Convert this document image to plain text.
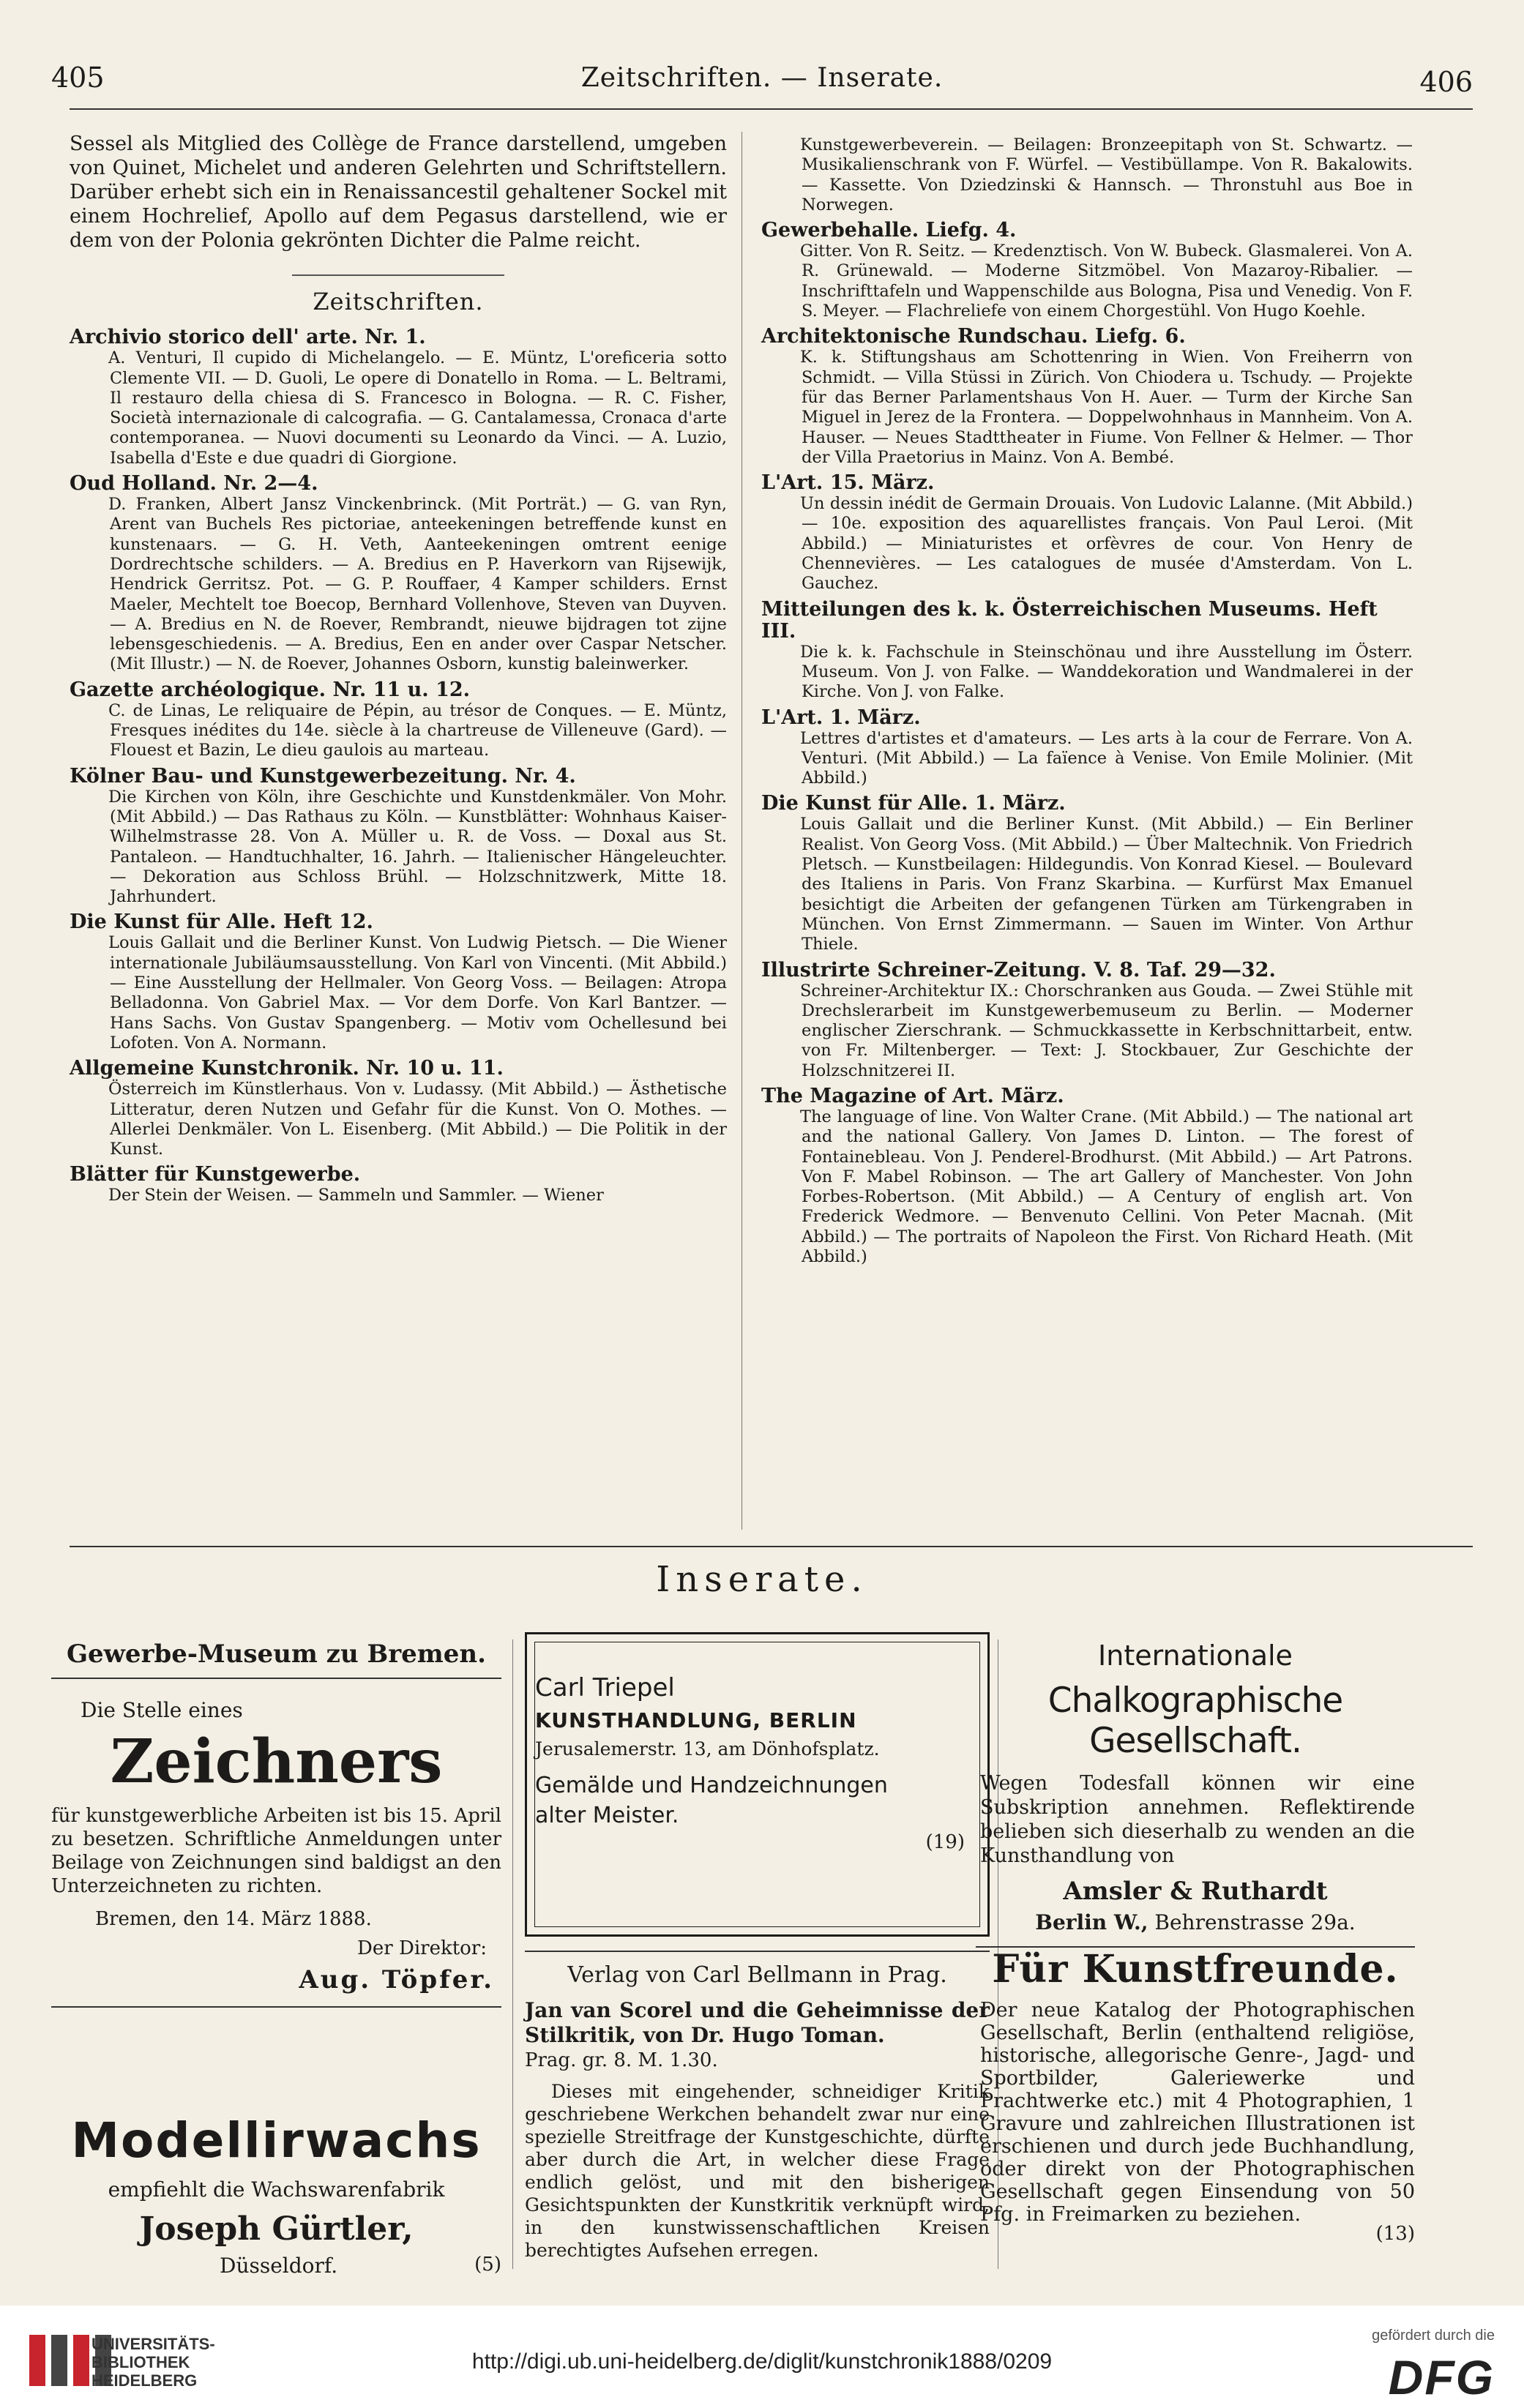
405	Zeitschriften. — Inserate.	406

Sessel als Mitglied des Collège de France darstellend, umgeben von Quinet, Michelet und anderen Gelehrten und Schriftstellern. Darüber erhebt sich ein in Renaissancestil gehaltener Sockel mit einem Hochrelief, Apollo auf dem Pegasus darstellend, wie er dem von der Polonia gekrönten Dichter die Palme reicht.

Zeitschriften.
Archivio storico dell' arte. Nr. 1.

A. Venturi, Il cupido di Michelangelo. — E. Müntz, L'oreficeria sotto Clemente VII. — D. Guoli, Le opere di Donatello in Roma. — L. Beltrami, Il restauro della chiesa di S. Francesco in Bologna. — R. C. Fisher, Società internazionale di calcografia. — G. Cantalamessa, Cronaca d'arte contemporanea. — Nuovi documenti su Leonardo da Vinci. — A. Luzio, Isabella d'Este e due quadri di Giorgione.

Oud Holland. Nr. 2—4.

D. Franken, Albert Jansz Vinckenbrinck. (Mit Porträt.) — G. van Ryn, Arent van Buchels Res pictoriae, anteekeningen betreffende kunst en kunstenaars. — G. H. Veth, Aanteekeningen omtrent eenige Dordrechtsche schilders. — A. Bredius en P. Haverkorn van Rijsewijk, Hendrick Gerritsz. Pot. — G. P. Rouffaer, 4 Kamper schilders. Ernst Maeler, Mechtelt toe Boecop, Bernhard Vollenhove, Steven van Duyven. — A. Bredius en N. de Roever, Rembrandt, nieuwe bijdragen tot zijne lebensgeschiedenis. — A. Bredius, Een en ander over Caspar Netscher. (Mit Illustr.) — N. de Roever, Johannes Osborn, kunstig baleinwerker.

Gazette archéologique. Nr. 11 u. 12.

C. de Linas, Le reliquaire de Pépin, au trésor de Conques. — E. Müntz, Fresques inédites du 14e. siècle à la chartreuse de Villeneuve (Gard). — Flouest et Bazin, Le dieu gaulois au marteau.

Kölner Bau- und Kunstgewerbezeitung. Nr. 4.

Die Kirchen von Köln, ihre Geschichte und Kunstdenkmäler. Von Mohr. (Mit Abbild.) — Das Rathaus zu Köln. — Kunstblätter: Wohnhaus Kaiser-Wilhelmstrasse 28. Von A. Müller u. R. de Voss. — Doxal aus St. Pantaleon. — Handtuchhalter, 16. Jahrh. — Italienischer Hängeleuchter. — Dekoration aus Schloss Brühl. — Holzschnitzwerk, Mitte 18. Jahrhundert.

Die Kunst für Alle. Heft 12.

Louis Gallait und die Berliner Kunst. Von Ludwig Pietsch. — Die Wiener internationale Jubiläumsausstellung. Von Karl von Vincenti. (Mit Abbild.) — Eine Ausstellung der Hellmaler. Von Georg Voss. — Beilagen: Atropa Belladonna. Von Gabriel Max. — Vor dem Dorfe. Von Karl Bantzer. — Hans Sachs. Von Gustav Spangenberg. — Motiv vom Ochellesund bei Lofoten. Von A. Normann.

Allgemeine Kunstchronik. Nr. 10 u. 11.

Österreich im Künstlerhaus. Von v. Ludassy. (Mit Abbild.) — Ästhetische Litteratur, deren Nutzen und Gefahr für die Kunst. Von O. Mothes. — Allerlei Denkmäler. Von L. Eisenberg. (Mit Abbild.) — Die Politik in der Kunst.

Blätter für Kunstgewerbe.

Der Stein der Weisen. — Sammeln und Sammler. — Wiener

Kunstgewerbeverein. — Beilagen: Bronzeepitaph von St. Schwartz. — Musikalienschrank von F. Würfel. — Vestibüllampe. Von R. Bakalowits. — Kassette. Von Dziedzinski & Hannsch. — Thronstuhl aus Boe in Norwegen.

Gewerbehalle. Liefg. 4.

Gitter. Von R. Seitz. — Kredenztisch. Von W. Bubeck. Glasmalerei. Von A. R. Grünewald. — Moderne Sitzmöbel. Von Mazaroy-Ribalier. — Inschrifttafeln und Wappenschilde aus Bologna, Pisa und Venedig. Von F. S. Meyer. — Flachreliefe von einem Chorgestühl. Von Hugo Koehle.

Architektonische Rundschau. Liefg. 6.

K. k. Stiftungshaus am Schottenring in Wien. Von Freiherrn von Schmidt. — Villa Stüssi in Zürich. Von Chiodera u. Tschudy. — Projekte für das Berner Parlamentshaus Von H. Auer. — Turm der Kirche San Miguel in Jerez de la Frontera. — Doppelwohnhaus in Mannheim. Von A. Hauser. — Neues Stadttheater in Fiume. Von Fellner & Helmer. — Thor der Villa Praetorius in Mainz. Von A. Bembé.

L'Art. 15. März.

Un dessin inédit de Germain Drouais. Von Ludovic Lalanne. (Mit Abbild.) — 10e. exposition des aquarellistes français. Von Paul Leroi. (Mit Abbild.) — Miniaturistes et orfèvres de cour. Von Henry de Chennevières. — Les catalogues de musée d'Amsterdam. Von L. Gauchez.

Mitteilungen des k. k. Österreichischen Museums. Heft III.

Die k. k. Fachschule in Steinschönau und ihre Ausstellung im Österr. Museum. Von J. von Falke. — Wanddekoration und Wandmalerei in der Kirche. Von J. von Falke.

L'Art. 1. März.

Lettres d'artistes et d'amateurs. — Les arts à la cour de Ferrare. Von A. Venturi. (Mit Abbild.) — La faïence à Venise. Von Emile Molinier. (Mit Abbild.)

Die Kunst für Alle. 1. März.

Louis Gallait und die Berliner Kunst. (Mit Abbild.) — Ein Berliner Realist. Von Georg Voss. (Mit Abbild.) — Über Maltechnik. Von Friedrich Pletsch. — Kunstbeilagen: Hildegundis. Von Konrad Kiesel. — Boulevard des Italiens in Paris. Von Franz Skarbina. — Kurfürst Max Emanuel besichtigt die Arbeiten der gefangenen Türken am Türkengraben in München. Von Ernst Zimmermann. — Sauen im Winter. Von Arthur Thiele.

Illustrirte Schreiner-Zeitung. V. 8. Taf. 29—32.

Schreiner-Architektur IX.: Chorschranken aus Gouda. — Zwei Stühle mit Drechslerarbeit im Kunstgewerbemuseum zu Berlin. — Moderner englischer Zierschrank. — Schmuckkassette in Kerbschnittarbeit, entw. von Fr. Miltenberger. — Text: J. Stockbauer, Zur Geschichte der Holzschnitzerei II.

The Magazine of Art. März.

The language of line. Von Walter Crane. (Mit Abbild.) — The national art and the national Gallery. Von James D. Linton. — The forest of Fontainebleau. Von J. Penderel-Brodhurst. (Mit Abbild.) — Art Patrons. Von F. Mabel Robinson. — The art Gallery of Manchester. Von John Forbes-Robertson. (Mit Abbild.) — A Century of english art. Von Frederick Wedmore. — Benvenuto Cellini. Von Peter Macnah. (Mit Abbild.) — The portraits of Napoleon the First. Von Richard Heath. (Mit Abbild.)

Inserate.
Gewerbe-Museum zu Bremen.
Die Stelle eines
Zeichners

für kunstgewerbliche Arbeiten ist bis 15. April zu besetzen. Schriftliche Anmeldungen unter Beilage von Zeichnungen sind baldigst an den Unterzeichneten zu richten.

Bremen, den 14. März 1888.
Der Direktor:
Aug. Töpfer.
Modellirwachs
empfiehlt die Wachswarenfabrik
Joseph Gürtler,
Düsseldorf.	(5)
Carl Triepel
KUNSTHANDLUNG, BERLIN
Jerusalemerstr. 13, am Dönhofsplatz.
Gemälde und Handzeichnungen
alter Meister.
(19)
Verlag von Carl Bellmann in Prag.

Jan van Scorel und die Geheimnisse der Stilkritik, von Dr. Hugo Toman.

Prag. gr. 8. M. 1.30.

Dieses mit eingehender, schneidiger Kritik geschriebene Werkchen behandelt zwar nur eine spezielle Streitfrage der Kunstgeschichte, dürfte aber durch die Art, in welcher diese Frage endlich gelöst, und mit den bisherigen Gesichtspunkten der Kunstkritik verknüpft wird, in den kunstwissenschaftlichen Kreisen berechtigtes Aufsehen erregen.

Internationale
Chalkographische Gesellschaft.

Wegen Todesfall können wir eine Subskription annehmen. Reflektirende belieben sich dieserhalb zu wenden an die Kunsthandlung von

Amsler & Ruthardt
Berlin W., Behrenstrasse 29a.
Für Kunstfreunde.

Der neue Katalog der Photographischen Gesellschaft, Berlin (enthaltend religiöse, historische, allegorische Genre-, Jagd- und Sportbilder, Galeriewerke und Prachtwerke etc.) mit 4 Photographien, 1 Gravure und zahlreichen Illustrationen ist erschienen und durch jede Buchhandlung, oder direkt von der Photographischen Gesellschaft gegen Einsendung von 50 Pfg. in Freimarken zu beziehen.

(13)
UNIVERSITÄTS-
BIBLIOTHEK
HEIDELBERG
http://digi.ub.uni-heidelberg.de/diglit/kunstchronik1888/0209
gefördert durch die
DFG
